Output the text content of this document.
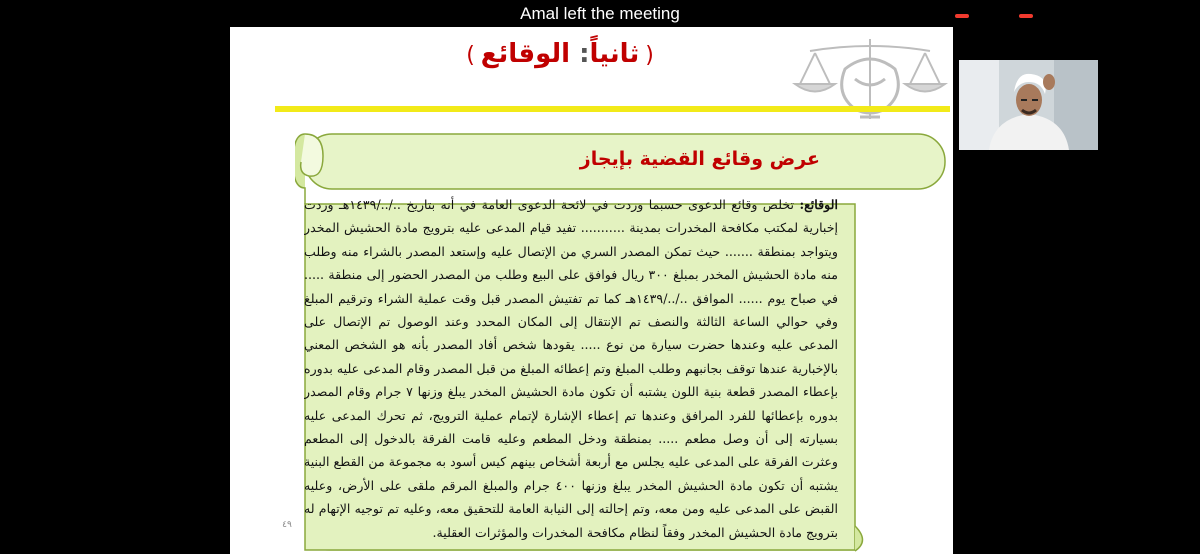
Amal left the meeting
(ثانياً: الوقائع)
عرض وقائع القضية بإيجاز
الوقائع: تخلص وقائع الدعوى حسبما وردت في لائحة الدعوى العامة في أنه بتاريخ ../../١٤٣٩هـ وردت إخبارية لمكتب مكافحة المخدرات بمدينة ........... تفيد قيام المدعى عليه بترويج مادة الحشيش المخدر ويتواجد بمنطقة ....... حيث تمكن المصدر السري من الإتصال عليه وإستعد المصدر بالشراء منه وطلب منه مادة الحشيش المخدر بمبلغ ٣٠٠ ريال فوافق على البيع وطلب من المصدر الحضور إلى منطقة ..... في صباح يوم ...... الموافق ../../١٤٣٩هـ كما تم تفتيش المصدر قبل وقت عملية الشراء وترقيم المبلغ وفي حوالي الساعة الثالثة والنصف تم الإنتقال إلى المكان المحدد وعند الوصول تم الإتصال على المدعى عليه وعندها حضرت سيارة من نوع ..... يقودها شخص أفاد المصدر بأنه هو الشخص المعني بالإخبارية عندها توقف بجانبهم وطلب المبلغ وتم إعطائه المبلغ من قبل المصدر وقام المدعى عليه بدوره بإعطاء المصدر قطعة بنية اللون يشتبه أن تكون مادة الحشيش المخدر يبلغ وزنها ٧ جرام وقام المصدر بدوره بإعطائها للفرد المرافق وعندها تم إعطاء الإشارة لإتمام عملية الترويج، ثم تحرك المدعى عليه بسيارته إلى أن وصل مطعم ..... بمنطقة ودخل المطعم وعليه قامت الفرقة بالدخول إلى المطعم وعثرت الفرقة على المدعى عليه يجلس مع أربعة أشخاص بينهم كيس أسود به مجموعة من القطع البنية يشتبه أن تكون مادة الحشيش المخدر يبلغ وزنها ٤٠٠ جرام والمبلغ المرقم ملقى على الأرض، وعليه القبض على المدعى عليه ومن معه، وتم إحالته إلى النيابة العامة للتحقيق معه، وعليه تم توجيه الإتهام له بترويج مادة الحشيش المخدر وفقاً لنظام مكافحة المخدرات والمؤثرات العقلية.
٤٩
